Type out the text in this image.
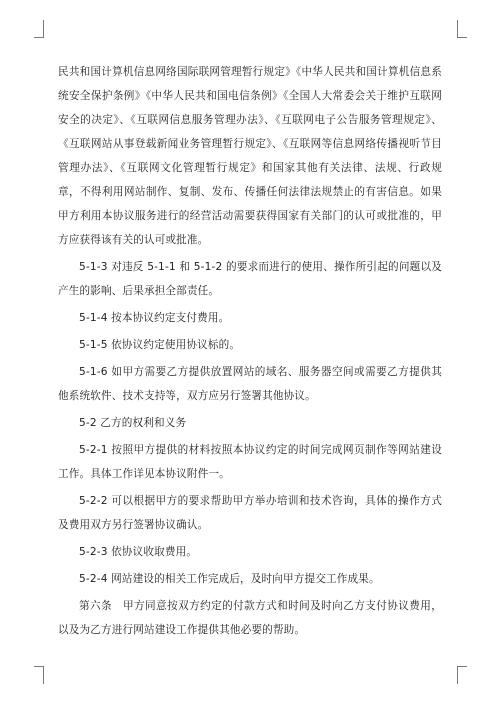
民共和国计算机信息网络国际联网管理暂行规定》《中华人民共和国计算机信息系统安全保护条例》《中华人民共和国电信条例》《全国人大常委会关于维护互联网安全的决定》、《互联网信息服务管理办法》、《互联网电子公告服务管理规定》、《互联网站从事登载新闻业务管理暂行规定》、《互联网等信息网络传播视听节目管理办法》、《互联网文化管理暂行规定》和国家其他有关法律、法规、行政规章，不得利用网站制作、复制、发布、传播任何法律法规禁止的有害信息。如果甲方利用本协议服务进行的经营活动需要获得国家有关部门的认可或批准的，甲方应获得该有关的认可或批准。

5-1-3 对违反 5-1-1 和 5-1-2 的要求而进行的使用、操作所引起的问题以及产生的影响、后果承担全部责任。

5-1-4 按本协议约定支付费用。

5-1-5 依协议约定使用协议标的。

5-1-6 如甲方需要乙方提供放置网站的域名、服务器空间或需要乙方提供其他系统软件、技术支持等，双方应另行签署其他协议。

5-2 乙方的权利和义务

5-2-1 按照甲方提供的材料按照本协议约定的时间完成网页制作等网站建设工作。具体工作详见本协议附件一。

5-2-2 可以根据甲方的要求帮助甲方举办培训和技术咨询，具体的操作方式及费用双方另行签署协议确认。

5-2-3 依协议收取费用。

5-2-4 网站建设的相关工作完成后，及时向甲方提交工作成果。

第六条　甲方同意按双方约定的付款方式和时间及时向乙方支付协议费用，以及为乙方进行网站建设工作提供其他必要的帮助。
